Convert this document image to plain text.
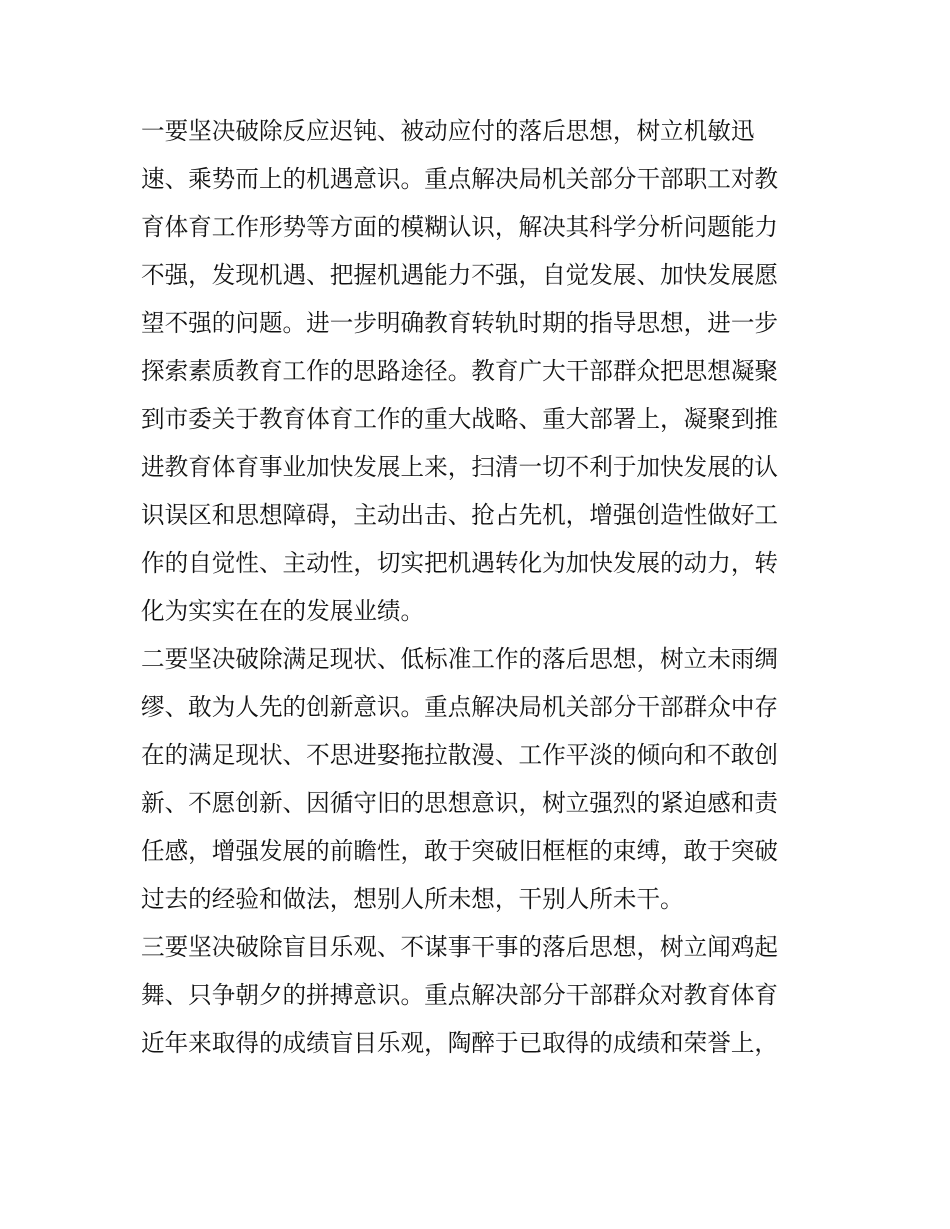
一要坚决破除反应迟钝、被动应付的落后思想，树立机敏迅
速、乘势而上的机遇意识。重点解决局机关部分干部职工对教
育体育工作形势等方面的模糊认识，解决其科学分析问题能力
不强，发现机遇、把握机遇能力不强，自觉发展、加快发展愿
望不强的问题。进一步明确教育转轨时期的指导思想，进一步
探索素质教育工作的思路途径。教育广大干部群众把思想凝聚
到市委关于教育体育工作的重大战略、重大部署上，凝聚到推
进教育体育事业加快发展上来，扫清一切不利于加快发展的认
识误区和思想障碍，主动出击、抢占先机，增强创造性做好工
作的自觉性、主动性，切实把机遇转化为加快发展的动力，转
化为实实在在的发展业绩。
二要坚决破除满足现状、低标准工作的落后思想，树立未雨绸
缪、敢为人先的创新意识。重点解决局机关部分干部群众中存
在的满足现状、不思进娶拖拉散漫、工作平淡的倾向和不敢创
新、不愿创新、因循守旧的思想意识，树立强烈的紧迫感和责
任感，增强发展的前瞻性，敢于突破旧框框的束缚，敢于突破
过去的经验和做法，想别人所未想，干别人所未干。
三要坚决破除盲目乐观、不谋事干事的落后思想，树立闻鸡起
舞、只争朝夕的拼搏意识。重点解决部分干部群众对教育体育
近年来取得的成绩盲目乐观，陶醉于已取得的成绩和荣誉上，
